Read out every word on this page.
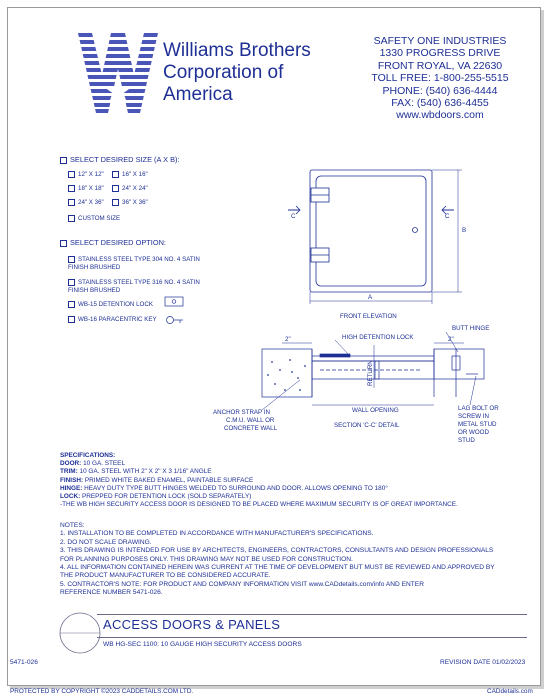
Williams Brothers
Corporation of
America
SAFETY ONE INDUSTRIES
1330 PROGRESS DRIVE
FRONT ROYAL, VA 22630
TOLL FREE: 1-800-255-5515
PHONE: (540) 636-4444
FAX: (540) 636-4455
www.wbdoors.com
SELECT DESIRED SIZE (A X B):
12" X 12"	16" X 16"
18" X 18"	24" X 24"
24" X 36"	36" X 36"
CUSTOM SIZE
SELECT DESIRED OPTION:
STAINLESS STEEL TYPE 304 NO. 4 SATIN
FINISH BRUSHED
STAINLESS STEEL TYPE 316 NO. 4 SATIN
FINISH BRUSHED
WB-15 DETENTION LOCK
WB-16 PARACENTRIC KEY
A
B
C	C
FRONT ELEVATION
HIGH DETENTION LOCK
BUTT HINGE
2"	2"
RETURN
WALL OPENING
SECTION 'C-C' DETAIL
ANCHOR STRAP IN
C.M.U. WALL OR
CONCRETE WALL
LAG BOLT OR
SCREW IN
METAL STUD
OR WOOD
STUD
SPECIFICATIONS:
DOOR: 10 GA. STEEL
TRIM: 10 GA. STEEL WITH 2" X 2" X 3 1/16" ANGLE
FINISH: PRIMED WHITE BAKED ENAMEL, PAINTABLE SURFACE
HINGE: HEAVY DUTY TYPE BUTT HINGES WELDED TO SURROUND AND DOOR. ALLOWS OPENING TO 180°
LOCK: PREPPED FOR DETENTION LOCK (SOLD SEPARATELY)
-THE WB HIGH SECURITY ACCESS DOOR IS DESIGNED TO BE PLACED WHERE MAXIMUM SECURITY IS OF GREAT IMPORTANCE.
NOTES:
1. INSTALLATION TO BE COMPLETED IN ACCORDANCE WITH MANUFACTURER'S SPECIFICATIONS.
2. DO NOT SCALE DRAWING.
3. THIS DRAWING IS INTENDED FOR USE BY ARCHITECTS, ENGINEERS, CONTRACTORS, CONSULTANTS AND DESIGN PROFESSIONALS
FOR PLANNING PURPOSES ONLY. THIS DRAWING MAY NOT BE USED FOR CONSTRUCTION.
4. ALL INFORMATION CONTAINED HEREIN WAS CURRENT AT THE TIME OF DEVELOPMENT BUT MUST BE REVIEWED AND APPROVED BY
THE PRODUCT MANUFACTURER TO BE CONSIDERED ACCURATE.
5. CONTRACTOR'S NOTE: FOR PRODUCT AND COMPANY INFORMATION VISIT www.CADdetails.com/info AND ENTER
REFERENCE NUMBER 5471-026.
ACCESS DOORS & PANELS
WB HG-SEC 1100: 10 GAUGE HIGH SECURITY ACCESS DOORS
5471-026	REVISION DATE 01/02/2023
PROTECTED BY COPYRIGHT ©2023 CADDETAILS.COM LTD.	CADdetails.com
